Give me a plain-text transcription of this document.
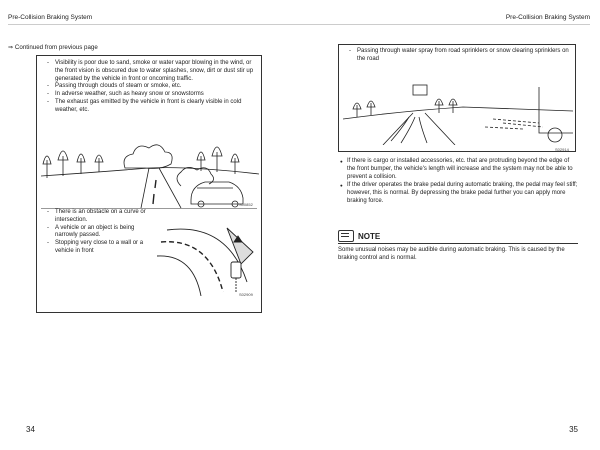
Pre-Collision Braking System	Pre-Collision Braking System
⇒ Continued from previous page
- Visibility is poor due to sand, smoke or water vapor blowing in the wind, or the front vision is obscured due to water splashes, snow, dirt or dust stir up generated by the vehicle in front or oncoming traffic.
- Passing through clouds of steam or smoke, etc.
- In adverse weather, such as heavy snow or snowstorms
- The exhaust gas emitted by the vehicle in front is clearly visible in cold weather, etc.
S00852
- There is an obstacle on a curve or intersection.
- A vehicle or an object is being narrowly passed.
- Stopping very close to a wall or a vehicle in front
S02909
- Passing through water spray from road sprinklers or snow clearing sprinklers on the road
S02914
● If there is cargo or installed accessories, etc. that are protruding beyond the edge of the front bumper, the vehicle's length will increase and the system may not be able to prevent a collision.
● If the driver operates the brake pedal during automatic braking, the pedal may feel stiff; however, this is normal. By depressing the brake pedal further you can apply more braking force.
NOTE
Some unusual noises may be audible during automatic braking. This is caused by the braking control and is normal.
34	35
